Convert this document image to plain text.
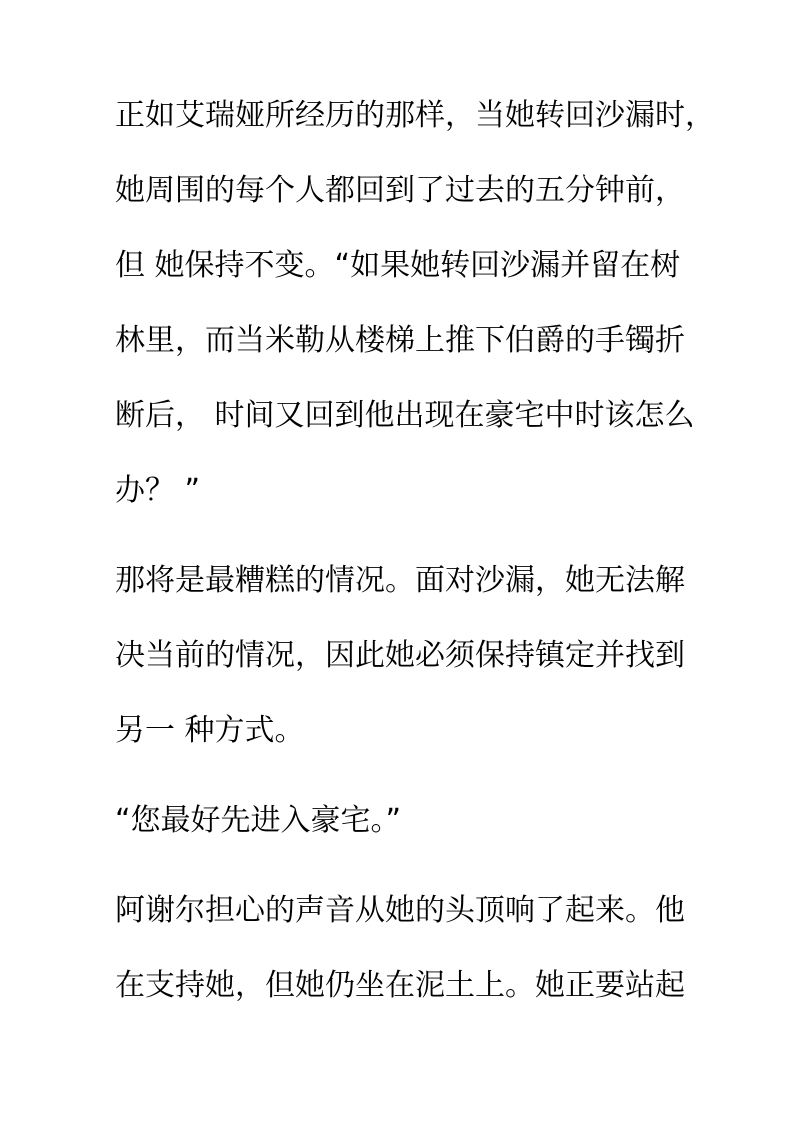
正如艾瑞娅所经历的那样，当她转回沙漏时，
她周围的每个人都回到了过去的五分钟前，
但 她保持不变。“如果她转回沙漏并留在树
林里，而当米勒从楼梯上推下伯爵的手镯折
断后， 时间又回到他出现在豪宅中时该怎么
办？ ”

那将是最糟糕的情况。面对沙漏，她无法解
决当前的情况，因此她必须保持镇定并找到
另一 种方式。

“您最好先进入豪宅。”

阿谢尔担心的声音从她的头顶响了起来。他
在支持她，但她仍坐在泥土上。她正要站起
